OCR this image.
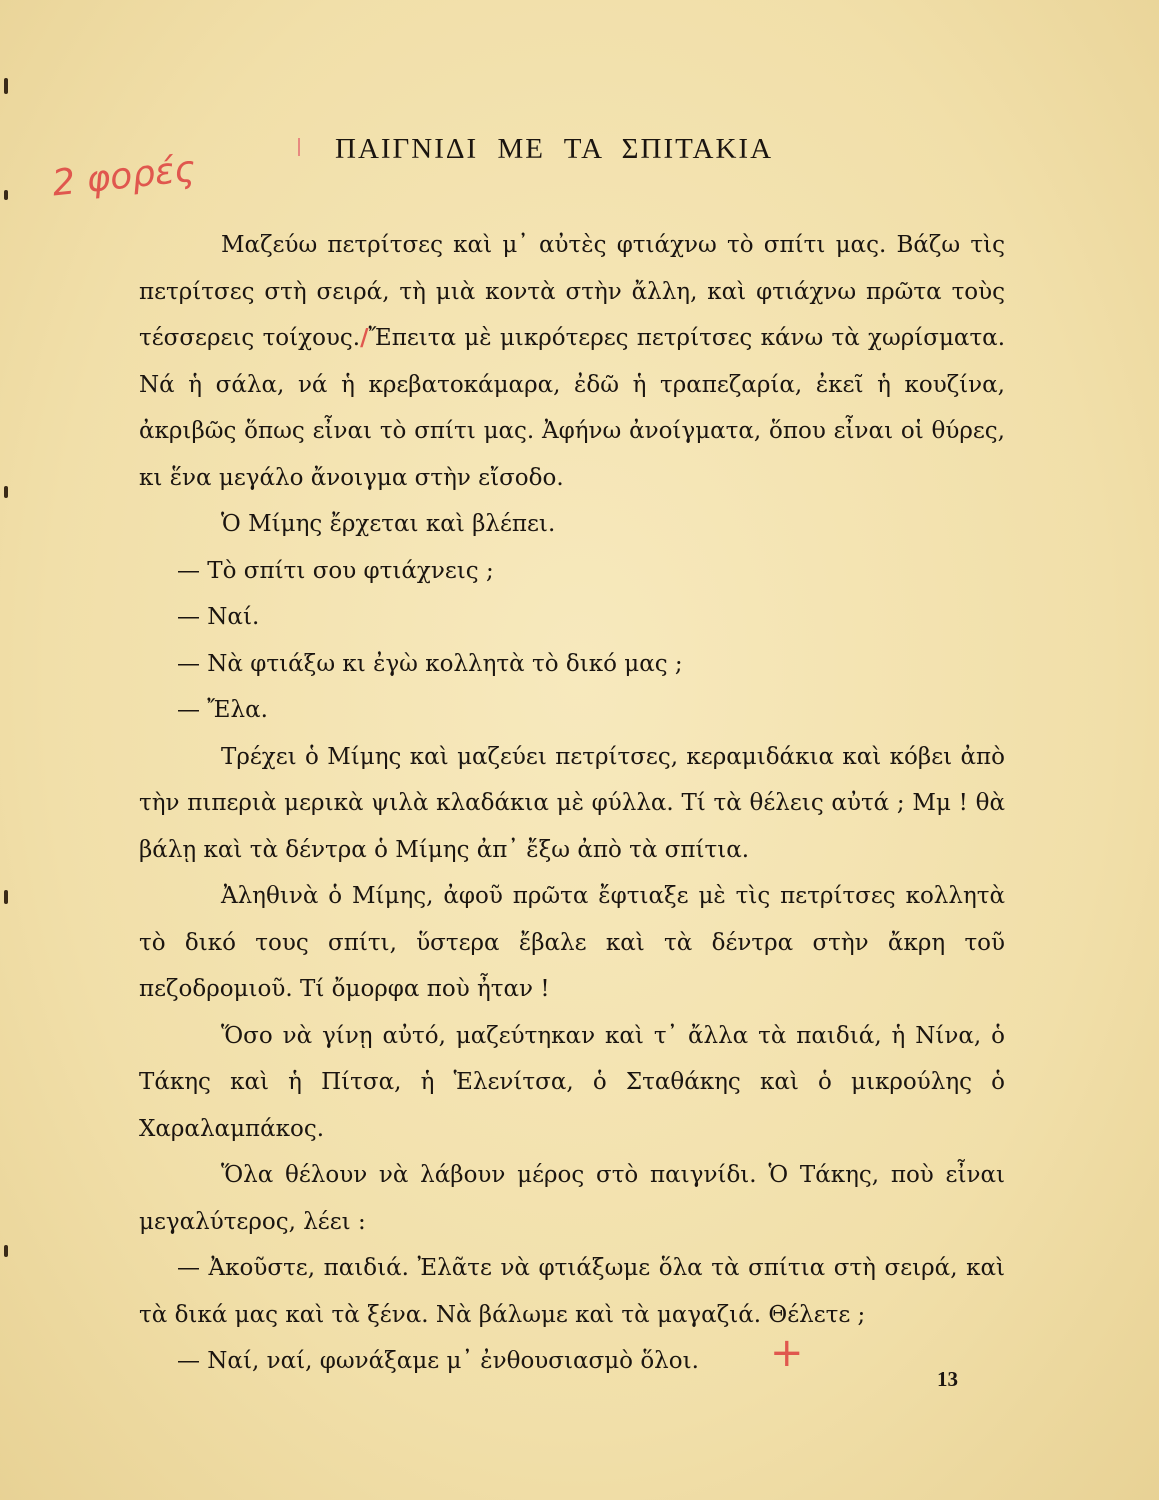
2 φορές	ΠΑΙΓΝΙΔΙ ΜΕ ΤΑ ΣΠΙΤΑΚΙΑ

Μαζεύω πετρίτσες καὶ μ᾿ αὐτὲς φτιάχνω τὸ σπίτι μας. Βάζω τὶς πετρίτσες στὴ σειρά, τὴ μιὰ κοντὰ στὴν ἄλλη, καὶ φτιάχνω πρῶτα τοὺς τέσσερεις τοίχους./Ἔπειτα μὲ μικρότερες πετρίτσες κάνω τὰ χωρίσματα. Νά ἡ σάλα, νά ἡ κρεβατοκάμαρα, ἐδῶ ἡ τραπεζαρία, ἐκεῖ ἡ κουζίνα, ἀκριβῶς ὅπως εἶναι τὸ σπίτι μας. Ἀφήνω ἀνοίγματα, ὅπου εἶναι οἱ θύρες, κι ἕνα μεγάλο ἄνοιγμα στὴν εἴσοδο.

Ὁ Μίμης ἔρχεται καὶ βλέπει.

— Τὸ σπίτι σου φτιάχνεις ;

— Ναί.

— Νὰ φτιάξω κι ἐγὼ κολλητὰ τὸ δικό μας ;

— Ἔλα.

Τρέχει ὁ Μίμης καὶ μαζεύει πετρίτσες, κεραμιδάκια καὶ κόβει ἀπὸ τὴν πιπεριὰ μερικὰ ψιλὰ κλαδάκια μὲ φύλλα. Τί τὰ θέλεις αὐτά ; Μμ ! θὰ βάλῃ καὶ τὰ δέντρα ὁ Μίμης ἀπ᾿ ἔξω ἀπὸ τὰ σπίτια.

Ἀληθινὰ ὁ Μίμης, ἀφοῦ πρῶτα ἔφτιαξε μὲ τὶς πετρίτσες κολλητὰ τὸ δικό τους σπίτι, ὕστερα ἔβαλε καὶ τὰ δέντρα στὴν ἄκρη τοῦ πεζοδρομιοῦ. Τί ὄμορφα ποὺ ἦταν !

Ὅσο νὰ γίνῃ αὐτό, μαζεύτηκαν καὶ τ᾿ ἄλλα τὰ παιδιά, ἡ Νίνα, ὁ Τάκης καὶ ἡ Πίτσα, ἡ Ἑλενίτσα, ὁ Σταθάκης καὶ ὁ μικρούλης ὁ Χαραλαμπάκος.

Ὅλα θέλουν νὰ λάβουν μέρος στὸ παιγνίδι. Ὁ Τάκης, ποὺ εἶναι μεγαλύτερος, λέει :

— Ἀκοῦστε, παιδιά. Ἐλᾶτε νὰ φτιάξωμε ὅλα τὰ σπίτια στὴ σειρά, καὶ τὰ δικά μας καὶ τὰ ξένα. Νὰ βάλωμε καὶ τὰ μαγαζιά. Θέλετε ;

— Ναί, ναί, φωνάξαμε μ᾿ ἐνθουσιασμὸ ὅλοι.	+
13
